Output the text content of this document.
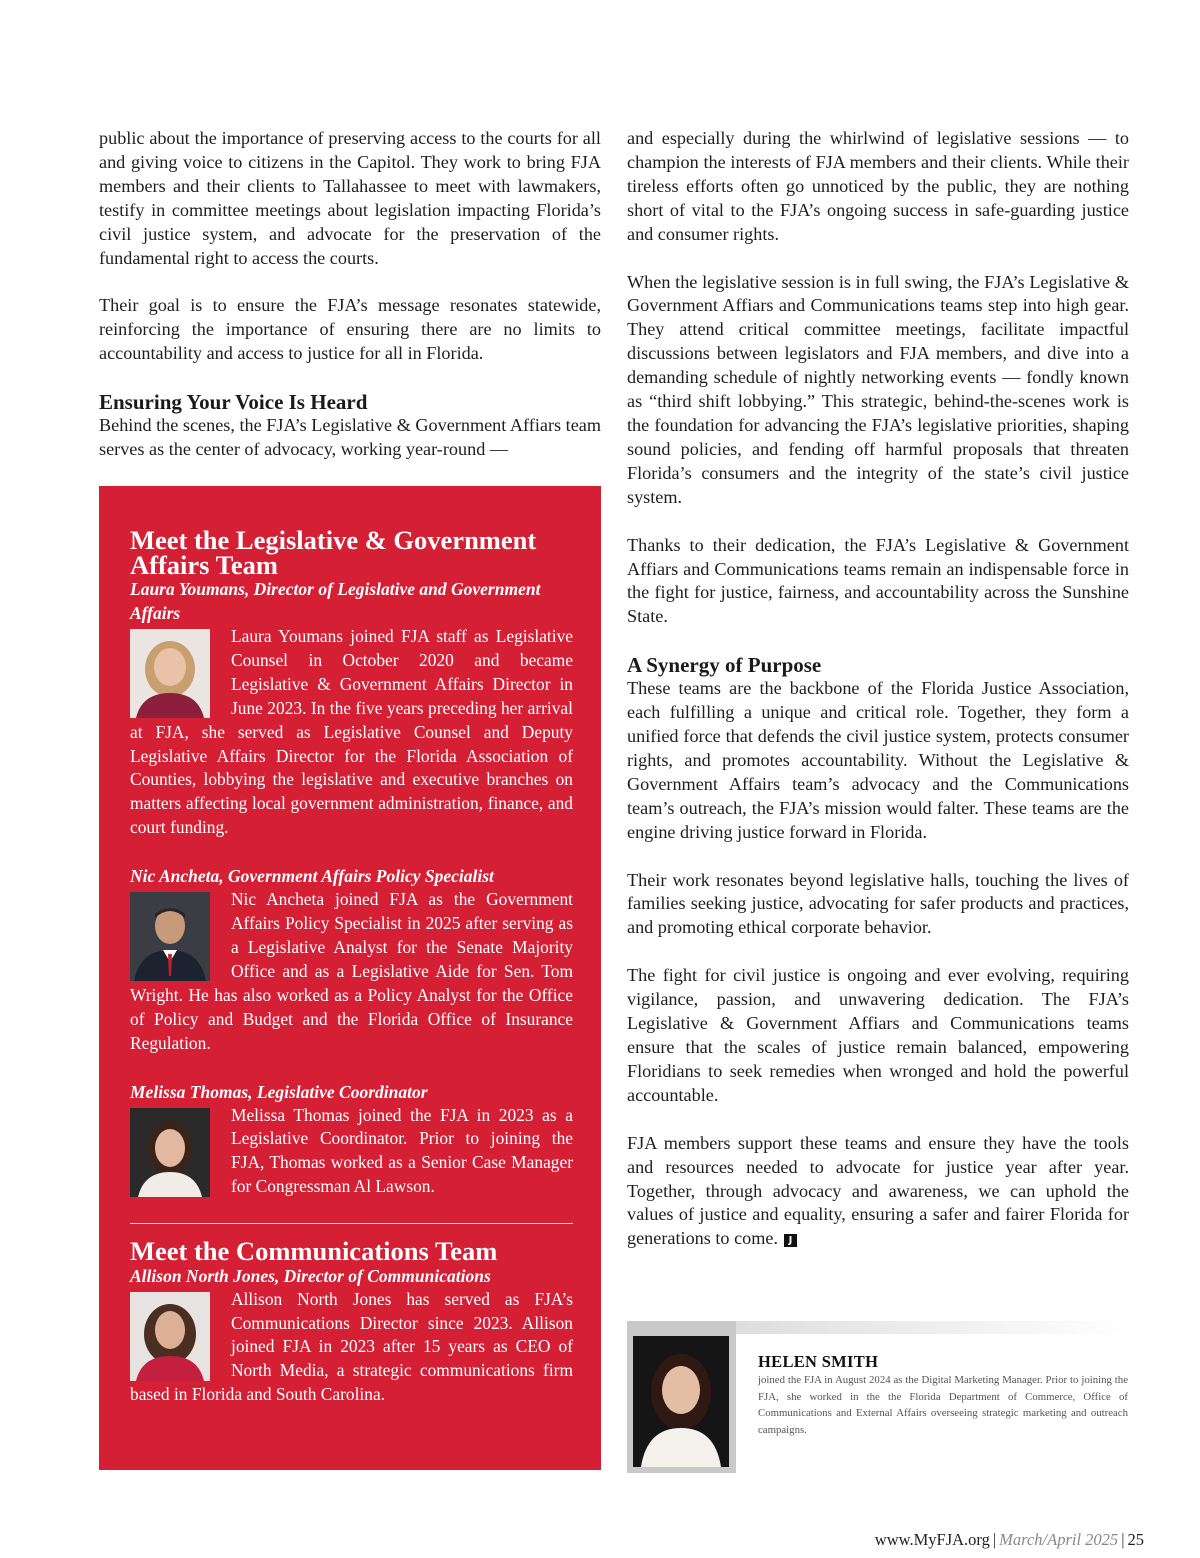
public about the importance of preserving access to the courts for all and giving voice to citizens in the Capitol. They work to bring FJA members and their clients to Tallahassee to meet with lawmakers, testify in committee meetings about legislation impacting Florida’s civil justice system, and advocate for the preservation of the fundamental right to access the courts.

Their goal is to ensure the FJA’s message resonates statewide, reinforcing the importance of ensuring there are no limits to accountability and access to justice for all in Florida.

Ensuring Your Voice Is Heard

Behind the scenes, the FJA’s Legislative & Government Affiars team serves as the center of advocacy, working year-round —

Meet the Legislative & Government Affairs Team

Laura Youmans, Director of Legislative and Government Affairs

Laura Youmans joined FJA staff as Legislative Counsel in October 2020 and became Legislative & Government Affairs Director in June 2023. In the five years preceding her arrival at FJA, she served as Legislative Counsel and Deputy Legislative Affairs Director for the Florida Association of Counties, lobbying the legislative and executive branches on matters affecting local government administration, finance, and court funding.

Nic Ancheta, Government Affairs Policy Specialist

Nic Ancheta joined FJA as the Government Affairs Policy Specialist in 2025 after serving as a Legislative Analyst for the Senate Majority Office and as a Legislative Aide for Sen. Tom Wright. He has also worked as a Policy Analyst for the Office of Policy and Budget and the Florida Office of Insurance Regulation.

Melissa Thomas, Legislative Coordinator

Melissa Thomas joined the FJA in 2023 as a Legislative Coordinator. Prior to joining the FJA, Thomas worked as a Senior Case Manager for Congressman Al Lawson.
Meet the Communications Team

Allison North Jones, Director of Communications

Allison North Jones has served as FJA’s Communications Director since 2023. Allison joined FJA in 2023 after 15 years as CEO of North Media, a strategic communications firm based in Florida and South Carolina.

and especially during the whirlwind of legislative sessions — to champion the interests of FJA members and their clients. While their tireless efforts often go unnoticed by the public, they are nothing short of vital to the FJA’s ongoing success in safe-guarding justice and consumer rights.

When the legislative session is in full swing, the FJA’s Legislative & Government Affiars and Communications teams step into high gear. They attend critical committee meetings, facilitate impactful discussions between legislators and FJA members, and dive into a demanding schedule of nightly networking events — fondly known as “third shift lobbying.” This strategic, behind-the-scenes work is the foundation for advancing the FJA’s legislative priorities, shaping sound policies, and fending off harmful proposals that threaten Florida’s consumers and the integrity of the state’s civil justice system.

Thanks to their dedication, the FJA’s Legislative & Government Affiars and Communications teams remain an indispensable force in the fight for justice, fairness, and accountability across the Sunshine State.

A Synergy of Purpose

These teams are the backbone of the Florida Justice Association, each fulfilling a unique and critical role. Together, they form a unified force that defends the civil justice system, protects consumer rights, and promotes accountability. Without the Legislative & Government Affairs team’s advocacy and the Communications team’s outreach, the FJA’s mission would falter. These teams are the engine driving justice forward in Florida.

Their work resonates beyond legislative halls, touching the lives of families seeking justice, advocating for safer products and practices, and promoting ethical corporate behavior.

The fight for civil justice is ongoing and ever evolving, requiring vigilance, passion, and unwavering dedication. The FJA’s Legislative & Government Affiars and Communications teams ensure that the scales of justice remain balanced, empowering Floridians to seek remedies when wronged and hold the powerful accountable.

FJA members support these teams and ensure they have the tools and resources needed to advocate for justice year after year. Together, through advocacy and awareness, we can uphold the values of justice and equality, ensuring a safer and fairer Florida for generations to come. J

HELEN SMITH
joined the FJA in August 2024 as the Digital Marketing Manager. Prior to joining the FJA, she worked in the the Florida Department of Commerce, Office of Communications and External Affairs overseeing strategic marketing and outreach campaigns.
www.MyFJA.org | March/April 2025 | 25
